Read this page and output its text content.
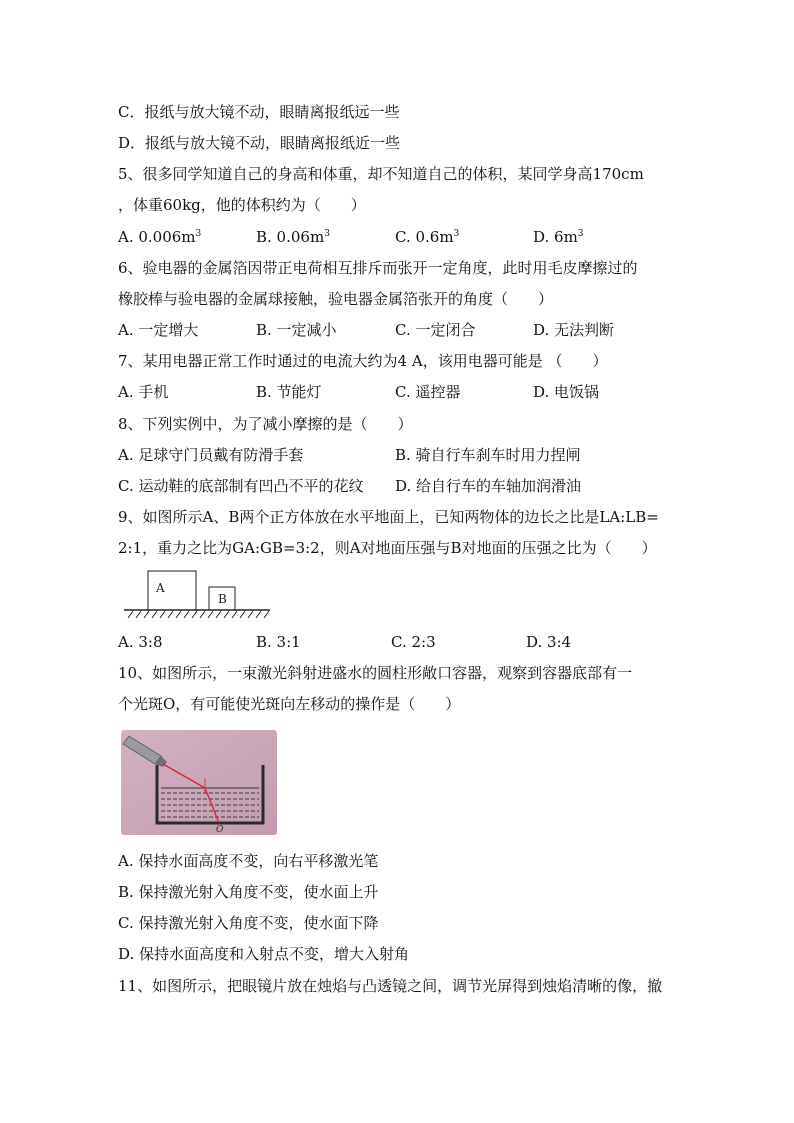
C．报纸与放大镜不动，眼睛离报纸远一些
D．报纸与放大镜不动，眼睛离报纸近一些
5、很多同学知道自己的身高和体重，却不知道自己的体积，某同学身高170cm
，体重60kg，他的体积约为（　　）
A. $0.006m^3$	B. $0.06m^3$	C. $0.6m^3$	D. $6m^3$
6、验电器的金属箔因带正电荷相互排斥而张开一定角度，此时用毛皮摩擦过的
橡胶棒与验电器的金属球接触，验电器金属箔张开的角度（　　）
A. 一定增大	B. 一定减小	C. 一定闭合	D. 无法判断
7、某用电器正常工作时通过的电流大约为4 A，该用电器可能是 （　　）
A. 手机	B. 节能灯	C. 遥控器	D. 电饭锅
8、下列实例中，为了减小摩擦的是（　　）
A. 足球守门员戴有防滑手套	B. 骑自行车刹车时用力捏闸
C. 运动鞋的底部制有凹凸不平的花纹 D. 给自行车的车轴加润滑油
9、如图所示A、B两个正方体放在水平地面上，已知两物体的边长之比是LA:LB=
2:1，重力之比为GA:GB=3:2，则A对地面压强与B对地面的压强之比为（　　）
A
B
A. 3:8	B. 3:1	C. 2:3	D. 3:4
10、如图所示，一束激光斜射进盛水的圆柱形敞口容器，观察到容器底部有一
个光斑O，有可能使光斑向左移动的操作是（　　）
O
A. 保持水面高度不变，向右平移激光笔
B. 保持激光射入角度不变，使水面上升
C. 保持激光射入角度不变，使水面下降
D. 保持水面高度和入射点不变，增大入射角
11、如图所示，把眼镜片放在烛焰与凸透镜之间，调节光屏得到烛焰清晰的像，撤
